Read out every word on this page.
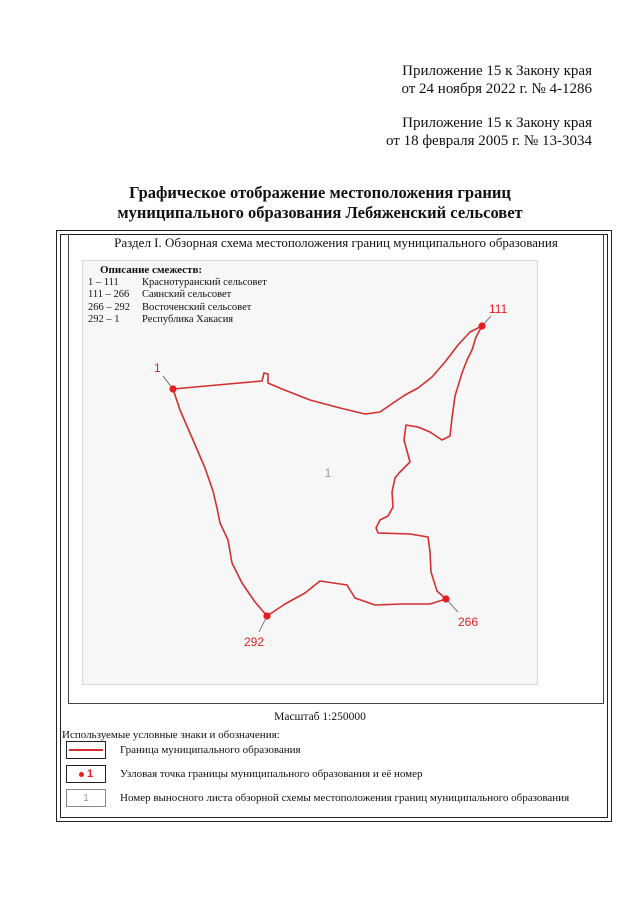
Приложение 15 к Закону края
от 24 ноября 2022 г. № 4-1286
Приложение 15 к Закону края
от 18 февраля 2005 г. № 13-3034
Графическое отображение местоположения границ
муниципального образования Лебяженский сельсовет
Раздел I. Обзорная схема местоположения границ муниципального образования
1
111
266
292
1
Описание смежеств:
1 – 111	Краснотуранский сельсовет
111 – 266	Саянский сельсовет
266 – 292	Восточенский сельсовет
292 – 1	Республика Хакасия
Масштаб 1:250000
Используемые условные знаки и обозначения:
Граница муниципального образования
1 Узловая точка границы муниципального образования и её номер
1	Номер выносного листа обзорной схемы местоположения границ муниципального образования
